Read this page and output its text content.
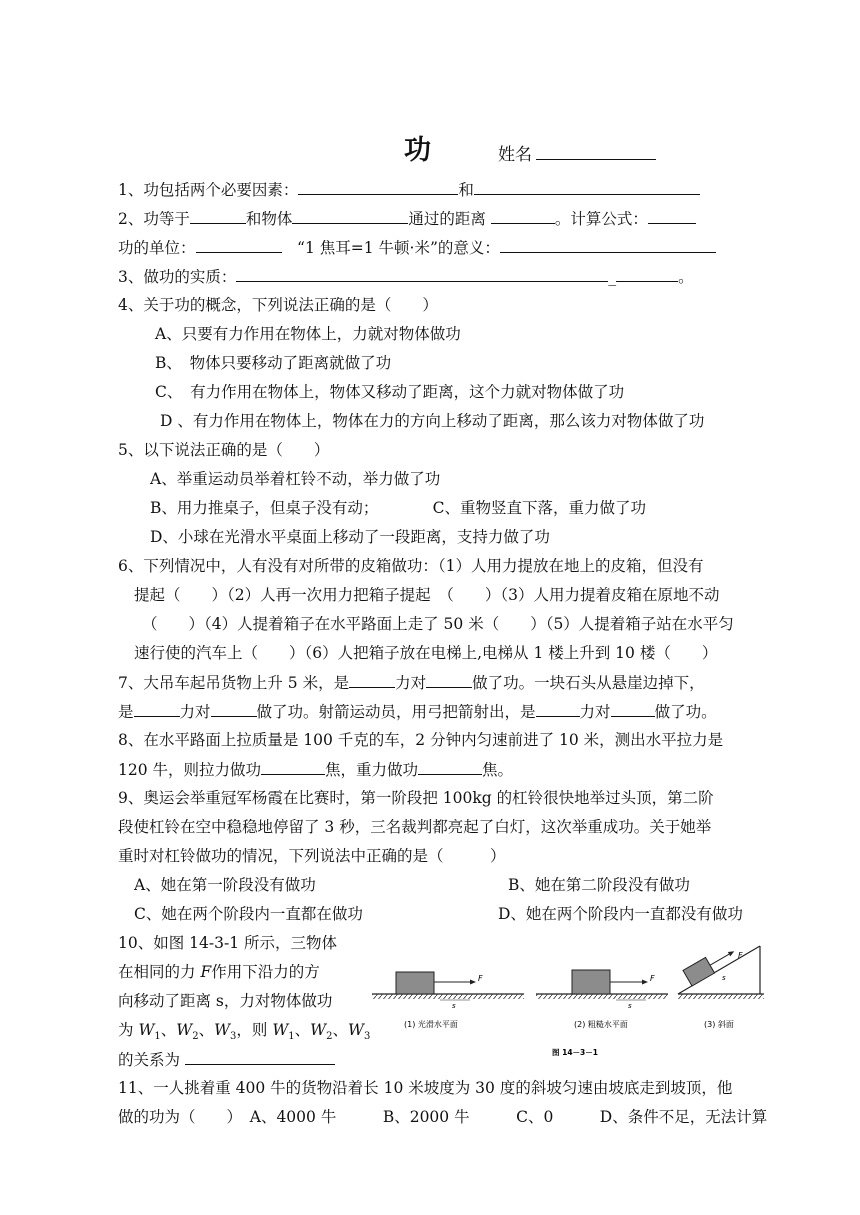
功	姓名
1、功包括两个必要因素：	和
2、功等于	和物体	通过的距离	。计算公式：
功的单位：　	“1 焦耳=1 牛顿·米”的意义：
3、做功的实质：	_	。
4、关于功的概念，下列说法正确的是（　　）
A、只要有力作用在物体上，力就对物体做功
B、　物体只要移动了距离就做了功
C、　有力作用在物体上，物体又移动了距离，这个力就对物体做了功
D 、有力作用在物体上，物体在力的方向上移动了距离，那么该力对物体做了功
5、以下说法正确的是（　　）
A、举重运动员举着杠铃不动，举力做了功
B、用力推桌子，但桌子没有动；　　　　	C、重物竖直下落，重力做了功
D、小球在光滑水平桌面上移动了一段距离，支持力做了功
6、下列情况中，人有没有对所带的皮箱做功：（1）人用力提放在地上的皮箱，但没有
提起（　　）（2）人再一次用力把箱子提起　（　　）（3）人用力提着皮箱在原地不动
（　　）（4）人提着箱子在水平路面上走了 50 米（　　）（5）人提着箱子站在水平匀
速行使的汽车上（　　）（6）人把箱子放在电梯上,电梯从 1 楼上升到 10 楼（　　）
7、大吊车起吊货物上升 5 米，是	力对	做了功。一块石头从悬崖边掉下，
是	力对	做了功。射箭运动员，用弓把箭射出，是	力对	做了功。
8、在水平路面上拉质量是 100 千克的车，2 分钟内匀速前进了 10 米，测出水平拉力是
120 牛，则拉力做功	焦，重力做功	焦。
9、奥运会举重冠军杨霞在比赛时，第一阶段把 100kg 的杠铃很快地举过头顶，第二阶
段使杠铃在空中稳稳地停留了 3 秒，三名裁判都亮起了白灯，这次举重成功。关于她举
重时对杠铃做功的情况，下列说法中正确的是（　　　）
A、她在第一阶段没有做功	B、她在第二阶段没有做功
C、她在两个阶段内一直都在做功	D、她在两个阶段内一直都没有做功
10、如图 14-3-1 所示，三物体
在相同的力 F作用下沿力的方
向移动了距离 s，力对物体做功
为 $W_1$、$W_2$、$W_3$，则 $W_1$、$W_2$、$W_3$
的关系为
F
s
(1) 光滑水平面
F
s
(2) 粗糙水平面
F
s
(3) 斜面
图 14－3－1
11、一人挑着重 400 牛的货物沿着长 10 米坡度为 30 度的斜坡匀速由坡底走到坡顶，他
做的功为（　　）　A、4000 牛　　　B、2000 牛　　　C、0　　　D、条件不足，无法计算
